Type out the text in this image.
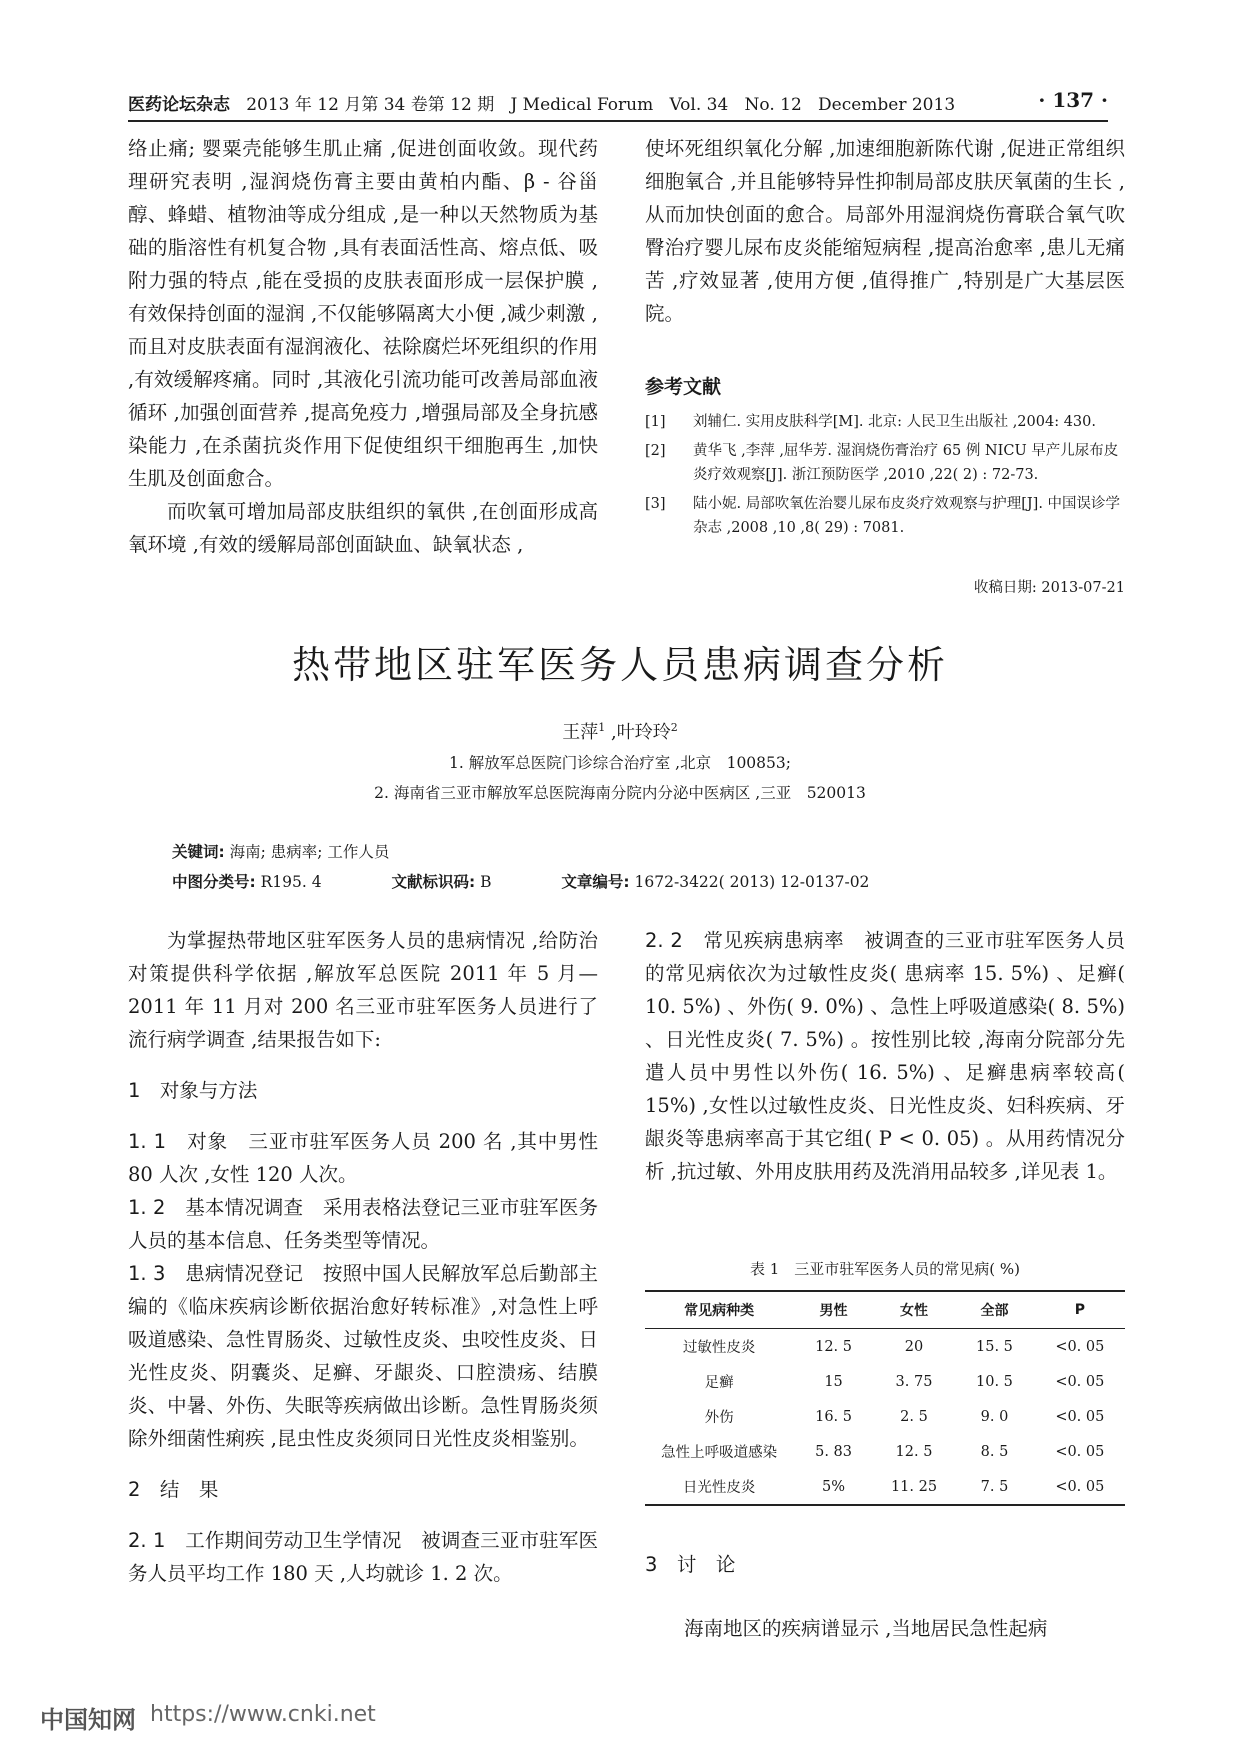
医药论坛杂志 2013 年 12 月第 34 卷第 12 期 J Medical Forum Vol. 34 No. 12 December 2013	· 137 ·

络止痛; 婴粟壳能够生肌止痛 ,促进创面收敛。现代药理研究表明 ,湿润烧伤膏主要由黄柏内酯、β - 谷甾醇、蜂蜡、植物油等成分组成 ,是一种以天然物质为基础的脂溶性有机复合物 ,具有表面活性高、熔点低、吸附力强的特点 ,能在受损的皮肤表面形成一层保护膜 ,有效保持创面的湿润 ,不仅能够隔离大小便 ,减少刺激 ,而且对皮肤表面有湿润液化、祛除腐烂坏死组织的作用 ,有效缓解疼痛。同时 ,其液化引流功能可改善局部血液循环 ,加强创面营养 ,提高免疫力 ,增强局部及全身抗感染能力 ,在杀菌抗炎作用下促使组织干细胞再生 ,加快生肌及创面愈合。

而吹氧可增加局部皮肤组织的氧供 ,在创面形成高氧环境 ,有效的缓解局部创面缺血、缺氧状态 ,

使坏死组织氧化分解 ,加速细胞新陈代谢 ,促进正常组织细胞氧合 ,并且能够特异性抑制局部皮肤厌氧菌的生长 ,从而加快创面的愈合。局部外用湿润烧伤膏联合氧气吹臀治疗婴儿尿布皮炎能缩短病程 ,提高治愈率 ,患儿无痛苦 ,疗效显著 ,使用方便 ,值得推广 ,特别是广大基层医院。

参考文献
[1]	刘辅仁. 实用皮肤科学[M]. 北京: 人民卫生出版社 ,2004: 430.
[2]	黄华飞 ,李萍 ,屈华芳. 湿润烧伤膏治疗 65 例 NICU 早产儿尿布皮炎疗效观察[J]. 浙江预防医学 ,2010 ,22( 2) : 72-73.
[3]	陆小妮. 局部吹氧佐治婴儿尿布皮炎疗效观察与护理[J]. 中国误诊学杂志 ,2008 ,10 ,8( 29) : 7081.
收稿日期: 2013-07-21
热带地区驻军医务人员患病调查分析
王萍$^1$ ,叶玲玲$^2$
1. 解放军总医院门诊综合治疗室 ,北京　100853;
2. 海南省三亚市解放军总医院海南分院内分泌中医病区 ,三亚　520013
关键词: 海南; 患病率; 工作人员
中图分类号: R195. 4	文献标识码: B	文章编号: 1672-3422( 2013) 12-0137-02

为掌握热带地区驻军医务人员的患病情况 ,给防治对策提供科学依据 ,解放军总医院 2011 年 5 月—2011 年 11 月对 200 名三亚市驻军医务人员进行了流行病学调查 ,结果报告如下:

1　对象与方法

1. 1　对象　三亚市驻军医务人员 200 名 ,其中男性 80 人次 ,女性 120 人次。

1. 2　基本情况调查　采用表格法登记三亚市驻军医务人员的基本信息、任务类型等情况。

1. 3　患病情况登记　按照中国人民解放军总后勤部主编的《临床疾病诊断依据治愈好转标准》,对急性上呼吸道感染、急性胃肠炎、过敏性皮炎、虫咬性皮炎、日光性皮炎、阴囊炎、足癣、牙龈炎、口腔溃疡、结膜炎、中暑、外伤、失眠等疾病做出诊断。急性胃肠炎须除外细菌性痢疾 ,昆虫性皮炎须同日光性皮炎相鉴别。

2　结　果

2. 1　工作期间劳动卫生学情况　被调查三亚市驻军医务人员平均工作 180 天 ,人均就诊 1. 2 次。

2. 2　常见疾病患病率　被调查的三亚市驻军医务人员的常见病依次为过敏性皮炎( 患病率 15. 5%) 、足癣( 10. 5%) 、外伤( 9. 0%) 、急性上呼吸道感染( 8. 5%) 、日光性皮炎( 7. 5%) 。按性别比较 ,海南分院部分先遣人员中男性以外伤( 16. 5%) 、足癣患病率较高( 15%) ,女性以过敏性皮炎、日光性皮炎、妇科疾病、牙龈炎等患病率高于其它组( P < 0. 05) 。从用药情况分析 ,抗过敏、外用皮肤用药及洗消用品较多 ,详见表 1。

表 1　三亚市驻军医务人员的常见病( %)
常见病种类	男性	女性	全部	P
过敏性皮炎	12. 5	20	15. 5	<0. 05
足癣	15	3. 75	10. 5	<0. 05
外伤	16. 5	2. 5	9. 0	<0. 05
急性上呼吸道感染	5. 83	12. 5	8. 5	<0. 05
日光性皮炎	5%	11. 25	7. 5	<0. 05
3　讨　论

海南地区的疾病谱显示 ,当地居民急性起病

中国知网 https://www.cnki.net
